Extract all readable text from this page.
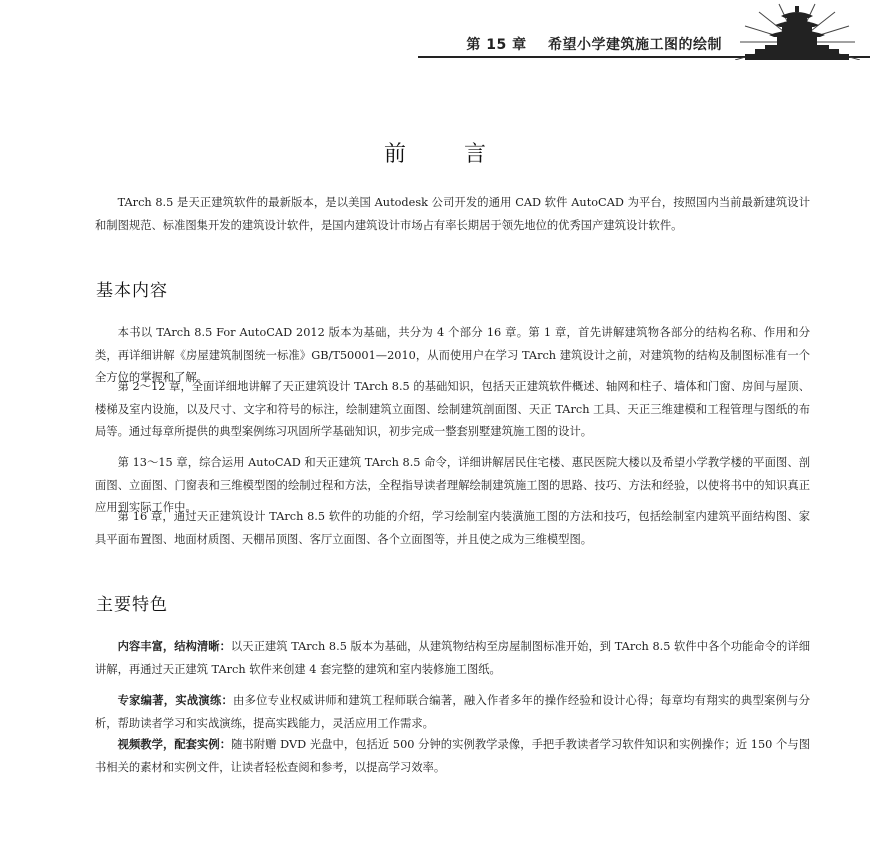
第 15 章 希望小学建筑施工图的绘制
前	言

TArch 8.5 是天正建筑软件的最新版本，是以美国 Autodesk 公司开发的通用 CAD 软件 AutoCAD 为平台，按照国内当前最新建筑设计和制图规范、标准图集开发的建筑设计软件，是国内建筑设计市场占有率长期居于领先地位的优秀国产建筑设计软件。

基本内容

本书以 TArch 8.5 For AutoCAD 2012 版本为基础，共分为 4 个部分 16 章。第 1 章，首先讲解建筑物各部分的结构名称、作用和分类，再详细讲解《房屋建筑制图统一标准》GB/T50001—2010，从而使用户在学习 TArch 建筑设计之前，对建筑物的结构及制图标准有一个全方位的掌握和了解。

第 2～12 章，全面详细地讲解了天正建筑设计 TArch 8.5 的基础知识，包括天正建筑软件概述、轴网和柱子、墙体和门窗、房间与屋顶、楼梯及室内设施，以及尺寸、文字和符号的标注，绘制建筑立面图、绘制建筑剖面图、天正 TArch 工具、天正三维建模和工程管理与图纸的布局等。通过每章所提供的典型案例练习巩固所学基础知识，初步完成一整套别墅建筑施工图的设计。

第 13～15 章，综合运用 AutoCAD 和天正建筑 TArch 8.5 命令，详细讲解居民住宅楼、惠民医院大楼以及希望小学教学楼的平面图、剖面图、立面图、门窗表和三维模型图的绘制过程和方法，全程指导读者理解绘制建筑施工图的思路、技巧、方法和经验，以使将书中的知识真正应用到实际工作中。

第 16 章，通过天正建筑设计 TArch 8.5 软件的功能的介绍，学习绘制室内装潢施工图的方法和技巧，包括绘制室内建筑平面结构图、家具平面布置图、地面材质图、天棚吊顶图、客厅立面图、各个立面图等，并且使之成为三维模型图。

主要特色

内容丰富，结构清晰：以天正建筑 TArch 8.5 版本为基础，从建筑物结构至房屋制图标准开始，到 TArch 8.5 软件中各个功能命令的详细讲解，再通过天正建筑 TArch 软件来创建 4 套完整的建筑和室内装修施工图纸。

专家编著，实战演练：由多位专业权威讲师和建筑工程师联合编著，融入作者多年的操作经验和设计心得；每章均有翔实的典型案例与分析，帮助读者学习和实战演练，提高实践能力，灵活应用工作需求。

视频教学，配套实例：随书附赠 DVD 光盘中，包括近 500 分钟的实例教学录像，手把手教读者学习软件知识和实例操作；近 150 个与图书相关的素材和实例文件，让读者轻松查阅和参考，以提高学习效率。
